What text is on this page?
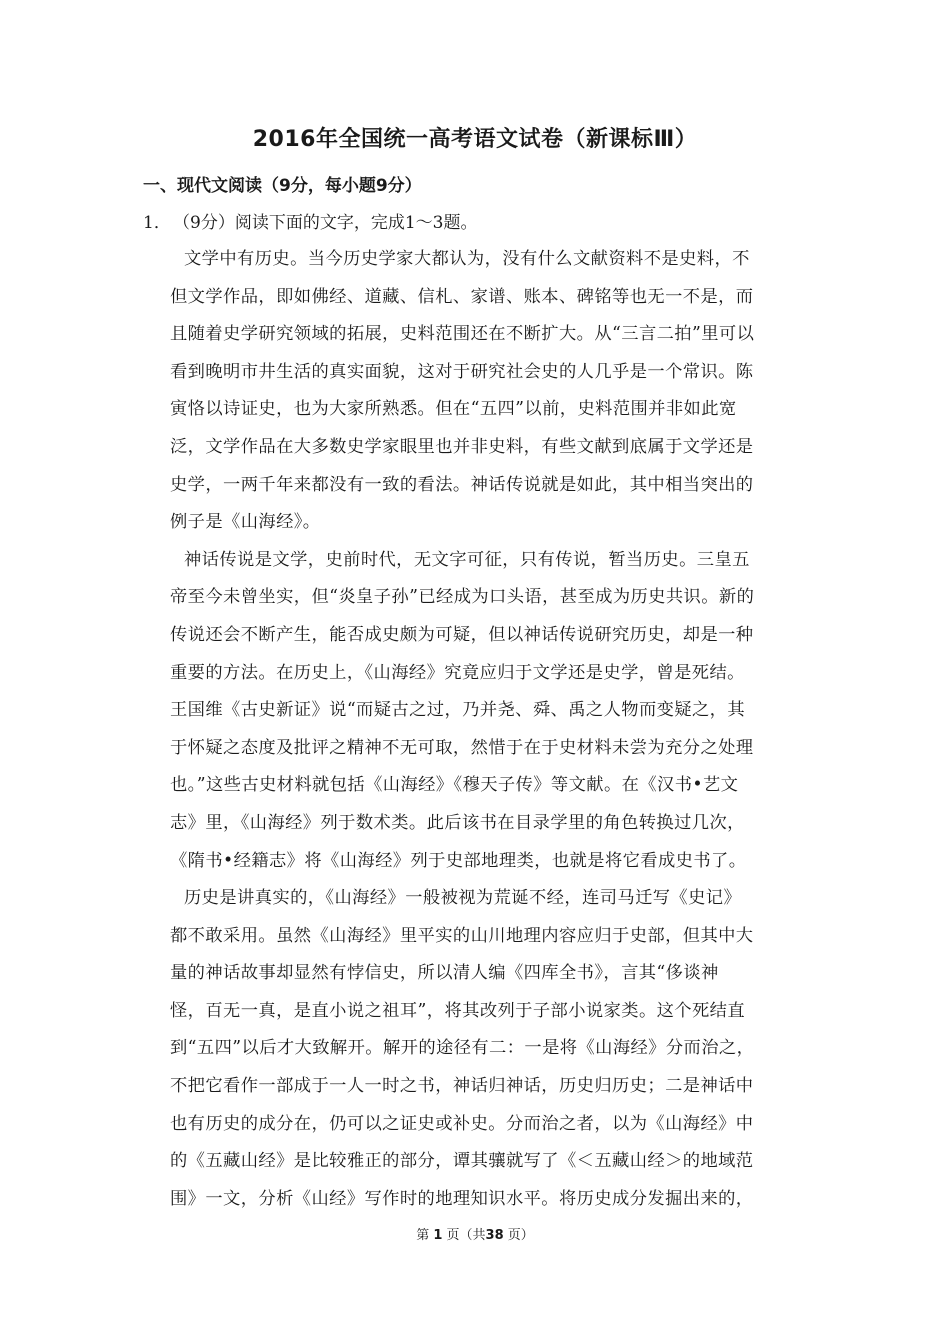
2016年全国统一高考语文试卷（新课标Ⅲ）
一、现代文阅读（9分，每小题9分）
1． （9分）阅读下面的文字，完成1～3题。
文学中有历史。当今历史学家大都认为，没有什么文献资料不是史料，不
但文学作品，即如佛经、道藏、信札、家谱、账本、碑铭等也无一不是，而
且随着史学研究领域的拓展，史料范围还在不断扩大。从“三言二拍”里可以
看到晚明市井生活的真实面貌，这对于研究社会史的人几乎是一个常识。陈
寅恪以诗证史，也为大家所熟悉。但在“五四”以前，史料范围并非如此宽
泛，文学作品在大多数史学家眼里也并非史料，有些文献到底属于文学还是
史学，一两千年来都没有一致的看法。神话传说就是如此，其中相当突出的
例子是《山海经》。
神话传说是文学，史前时代，无文字可征，只有传说，暂当历史。三皇五
帝至今未曾坐实，但“炎皇子孙”已经成为口头语，甚至成为历史共识。新的
传说还会不断产生，能否成史颇为可疑，但以神话传说研究历史，却是一种
重要的方法。在历史上，《山海经》究竟应归于文学还是史学，曾是死结。
王国维《古史新证》说“而疑古之过，乃并尧、舜、禹之人物而变疑之，其
于怀疑之态度及批评之精神不无可取，然惜于在于史材料未尝为充分之处理
也。”这些古史材料就包括《山海经》《穆天子传》等文献。在《汉书•艺文
志》里，《山海经》列于数术类。此后该书在目录学里的角色转换过几次，
《隋书•经籍志》将《山海经》列于史部地理类，也就是将它看成史书了。
历史是讲真实的，《山海经》一般被视为荒诞不经，连司马迁写《史记》
都不敢采用。虽然《山海经》里平实的山川地理内容应归于史部，但其中大
量的神话故事却显然有悖信史，所以清人编《四库全书》，言其“侈谈神
怪，百无一真，是直小说之祖耳”，将其改列于子部小说家类。这个死结直
到“五四”以后才大致解开。解开的途径有二：一是将《山海经》分而治之，
不把它看作一部成于一人一时之书，神话归神话，历史归历史；二是神话中
也有历史的成分在，仍可以之证史或补史。分而治之者，以为《山海经》中
的《五藏山经》是比较雅正的部分，谭其骧就写了《＜五藏山经＞的地域范
围》一文，分析《山经》写作时的地理知识水平。将历史成分发掘出来的，
第 1 页（共38 页）
